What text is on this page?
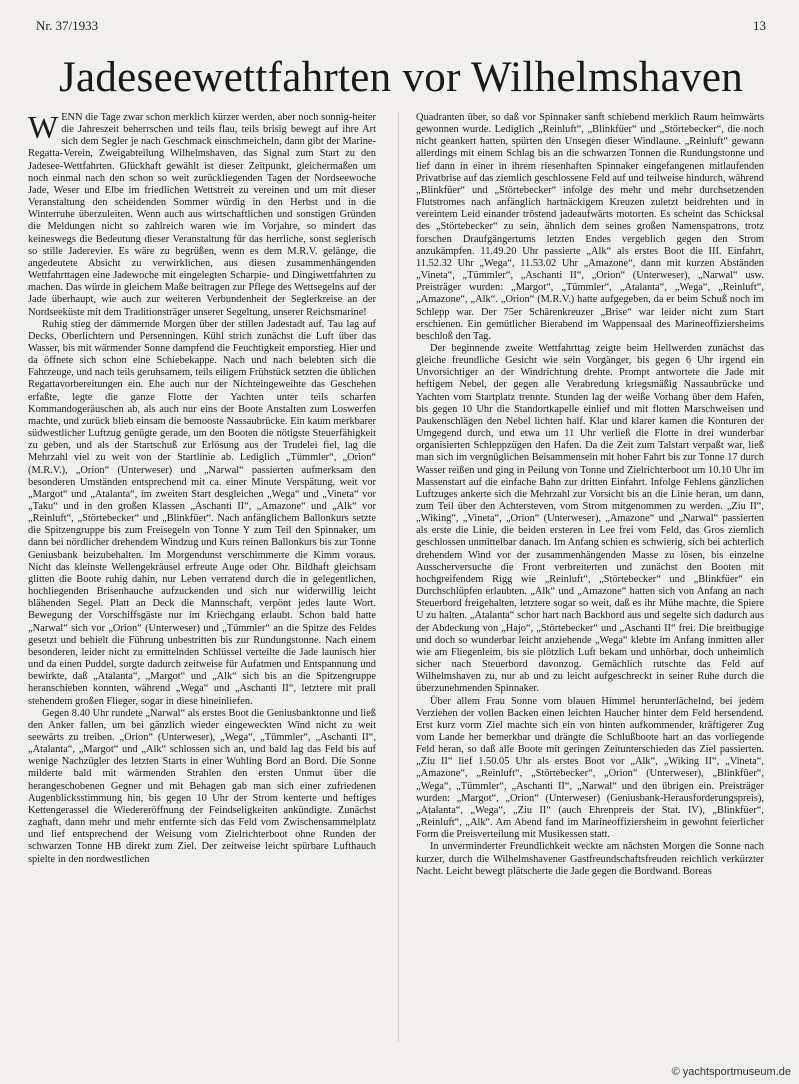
Nr. 37/1933	13
Jadeseewettfahrten vor Wilhelmshaven

WENN die Tage zwar schon merklich kürzer werden, aber noch sonnig-heiter die Jahreszeit beherrschen und teils flau, teils brisig bewegt auf ihre Art sich dem Segler je nach Geschmack einschmeicheln, dann gibt der Marine-Regatta-Verein, Zweigabteilung Wilhelmshaven, das Signal zum Start zu den Jadesee-Wettfahrten. Glückhaft gewählt ist dieser Zeitpunkt, gleichermaßen um noch einmal nach den schon so weit zurückliegenden Tagen der Nordseewoche Jade, Weser und Elbe im friedlichen Wettstreit zu vereinen und um mit dieser Veranstaltung den scheidenden Sommer würdig in den Herbst und in die Winterruhe überzuleiten. Wenn auch aus wirtschaftlichen und sonstigen Gründen die Meldungen nicht so zahlreich waren wie im Vorjahre, so mindert das keineswegs die Bedeutung dieser Veranstaltung für das herrliche, sonst seglerisch so stille Jaderevier. Es wäre zu begrüßen, wenn es dem M.R.V. gelänge, die angedeutete Absicht zu verwirklichen, aus diesen zusammenhängenden Wettfahrttagen eine Jadewoche mit eingelegten Scharpie- und Dingiwettfahrten zu machen. Das würde in gleichem Maße beitragen zur Pflege des Wettsegelns auf der Jade überhaupt, wie auch zur weiteren Verbundenheit der Seglerkreise an der Nordseeküste mit dem Traditionsträger unserer Segeltung, unserer Reichsmarine!

Ruhig stieg der dämmernde Morgen über der stillen Jadestadt auf. Tau lag auf Decks, Oberlichtern und Persenningen. Kühl strich zunächst die Luft über das Wasser, bis mit wärmender Sonne dampfend die Feuchtigkeit emporstieg. Hier und da öffnete sich schon eine Schiebekappe. Nach und nach belebten sich die Fahrzeuge, und nach teils geruhsamem, teils eiligem Frühstück setzten die üblichen Regattavorbereitungen ein. Ehe auch nur der Nichteingeweihte das Geschehen erfaßte, legte die ganze Flotte der Yachten unter teils scharfen Kommandogeräuschen ab, als auch nur eins der Boote Anstalten zum Loswerfen machte, und zurück blieb einsam die bemooste Nassaubrücke. Ein kaum merkbarer südwestlicher Luftzug genügte gerade, um den Booten die nötigste Steuerfähigkeit zu geben, und als der Startschuß zur Erlösung aus der Trudelei fiel, lag die Mehrzahl viel zu weit von der Startlinie ab. Lediglich „Tümmler“, „Orion“ (M.R.V.), „Orion“ (Unterweser) und „Narwal“ passierten aufmerksam den besonderen Umständen entsprechend mit ca. einer Minute Verspätung, weit vor „Margot“ und „Atalanta“, im zweiten Start desgleichen „Wega“ und „Vineta“ vor „Taku“ und in den großen Klassen „Aschanti II“, „Amazone“ und „Alk“ vor „Reinluft“, „Störtebecker“ und „Blinkfüer“. Nach anfänglichem Ballonkurs setzte die Spitzengruppe bis zum Freisegeln von Tonne Y zum Teil den Spinnaker, um dann bei nördlicher drehendem Windzug und Kurs reinen Ballonkurs bis zur Tonne Geniusbank beizubehalten. Im Morgendunst verschimmerte die Kimm voraus. Nicht das kleinste Wellengekräusel erfreute Auge oder Ohr. Bildhaft gleichsam glitten die Boote ruhig dahin, nur Leben verratend durch die in gelegentlichen, hochliegenden Brisenhauche aufzuckenden und sich nur widerwillig leicht blähenden Segel. Platt an Deck die Mannschaft, verpönt jedes laute Wort. Bewegung der Vorschiffsgäste nur im Kriechgang erlaubt. Schon bald hatte „Narwal“ sich vor „Orion“ (Unterweser) und „Tümmler“ an die Spitze des Feldes gesetzt und behielt die Führung unbestritten bis zur Rundungstonne. Nach einem besonderen, leider nicht zu ermittelnden Schlüssel verteilte die Jade launisch hier und da einen Puddel, sorgte dadurch zeitweise für Aufatmen und Entspannung und bewirkte, daß „Atalanta“, „Margot“ und „Alk“ sich bis an die Spitzengruppe heranschieben konnten, während „Wega“ und „Aschanti II“, letztere mit prall stehendem großen Flieger, sogar in diese hineinliefen.

Gegen 8.40 Uhr rundete „Narwal“ als erstes Boot die Geniusbanktonne und ließ den Anker fallen, um bei gänzlich wieder eingeweckten Wind nicht zu weit seewärts zu treiben. „Orion“ (Unterweser), „Wega“, „Tümmler“, „Aschanti II“, „Atalanta“, „Margot“ und „Alk“ schlossen sich an, und bald lag das Feld bis auf wenige Nachzügler des letzten Starts in einer Wuhling Bord an Bord. Die Sonne milderte bald mit wärmenden Strahlen den ersten Unmut über die herangeschobenen Gegner und mit Behagen gab man sich einer zufriedenen Augenblicksstimmung hin, bis gegen 10 Uhr der Strom kenterte und heftiges Kettengerassel die Wiedereröffnung der Feindseligkeiten ankündigte. Zunächst zaghaft, dann mehr und mehr entfernte sich das Feld vom Zwischensammelplatz und lief entsprechend der Weisung vom Zielrichterboot ohne Runden der schwarzen Tonne HB direkt zum Ziel. Der zeitweise leicht spürbare Lufthauch spielte in den nordwestlichen

Quadranten über, so daß vor Spinnaker sanft schiebend merklich Raum heimwärts gewonnen wurde. Lediglich „Reinluft“, „Blinkfüer“ und „Störtebecker“, die noch nicht geankert hatten, spürten den Unsegen dieser Windlaune. „Reinluft“ gewann allerdings mit einem Schlag bis an die schwarzen Tonnen die Rundungstonne und lief dann in einer in ihrem riesenhaften Spinnaker eingefangenen mitlaufenden Privatbrise auf das ziemlich geschlossene Feld auf und teilweise hindurch, während „Blinkfüer“ und „Störtebecker“ infolge des mehr und mehr durchsetzenden Flutstromes nach anfänglich hartnäckigem Kreuzen zuletzt beidrehten und in vereintem Leid einander tröstend jadeaufwärts motorten. Es scheint das Schicksal des „Störtebecker“ zu sein, ähnlich dem seines großen Namenspatrons, trotz forschen Draufgängertums letzten Endes vergeblich gegen den Strom anzukämpfen. 11.49.20 Uhr passierte „Alk“ als erstes Boot die III. Einfahrt, 11.52.32 Uhr „Wega“, 11.53.02 Uhr „Amazone“, dann mit kurzen Abständen „Vineta“, „Tümmler“, „Aschanti II“, „Orion“ (Unterweser), „Narwal“ usw. Preisträger wurden: „Margot“, „Tümmler“, „Atalanta“, „Wega“, „Reinluft“, „Amazone“, „Alk“. „Orion“ (M.R.V.) hatte aufgegeben, da er beim Schuß noch im Schlepp war. Der 75er Schärenkreuzer „Brise“ war leider nicht zum Start erschienen. Ein gemütlicher Bierabend im Wappensaal des Marineoffiziersheims beschloß den Tag.

Der beginnende zweite Wettfahrttag zeigte beim Hellwerden zunächst das gleiche freundliche Gesicht wie sein Vorgänger, bis gegen 6 Uhr irgend ein Unvorsichtiger an der Windrichtung drehte. Prompt antwortete die Jade mit heftigem Nebel, der gegen alle Verabredung kriegsmäßig Nassaubrücke und Yachten vom Startplatz trennte. Stunden lag der weiße Vorhang über dem Hafen, bis gegen 10 Uhr die Standortkapelle einlief und mit flotten Marschweisen und Paukenschlägen den Nebel lichten half. Klar und klarer kamen die Konturen der Umgegend durch, und etwa um 11 Uhr verließ die Flotte in drei wunderbar organisierten Schleppzügen den Hafen. Da die Zeit zum Talstart verpaßt war, ließ man sich im vergnüglichen Beisammensein mit hoher Fahrt bis zur Tonne 17 durch Wasser reißen und ging in Peilung von Tonne und Zielrichterboot um 10.10 Uhr im Massenstart auf die einfache Bahn zur dritten Einfahrt. Infolge Fehlens gänzlichen Luftzuges ankerte sich die Mehrzahl zur Vorsicht bis an die Linie heran, um dann, zum Teil über den Achtersteven, vom Strom mitgenommen zu werden. „Ziu II“, „Wiking“, „Vineta“, „Orion“ (Unterweser), „Amazone“ und „Narwal“ passierten als erste die Linie, die beiden ersteren in Lee frei vom Feld, das Gros ziemlich geschlossen unmittelbar danach. Im Anfang schien es schwierig, sich bei achterlich drehendem Wind vor der zusammenhängenden Masse zu lösen, bis einzelne Ausscherversuche die Front verbreiterten und zunächst den Booten mit hochgreifendem Rigg wie „Reinluft“, „Störtebecker“ und „Blinkfüer“ ein Durchschlüpfen erlaubten. „Alk“ und „Amazone“ hatten sich von Anfang an nach Steuerbord freigehalten, letztere sogar so weit, daß es ihr Mühe machte, die Spiere U zu halten. „Atalanta“ schor hart nach Backbord aus und segelte sich dadurch aus der Abdeckung von „Hajo“, „Störtebecker“ und „Aschanti II“ frei. Die breitbugige und doch so wunderbar leicht anziehende „Wega“ klebte im Anfang inmitten aller wie am Fliegenleim, bis sie plötzlich Luft bekam und unhörbar, doch unheimlich sicher nach Steuerbord davonzog. Gemächlich rutschte das Feld auf Wilhelmshaven zu, nur ab und zu leicht aufgeschreckt in seiner Ruhe durch die überzunehmenden Spinnaker.

Über allem Frau Sonne vom blauen Himmel herunterlächelnd, bei jedem Verziehen der vollen Backen einen leichten Haucher hinter dem Feld hersendend. Erst kurz vorm Ziel machte sich ein von hinten aufkommender, kräftigerer Zug vom Lande her bemerkbar und drängte die Schlußboote hart an das vorliegende Feld heran, so daß alle Boote mit geringen Zeitunterschieden das Ziel passierten. „Ziu II“ lief 1.50.05 Uhr als erstes Boot vor „Alk“, „Wiking II“, „Vineta“, „Amazone“, „Reinluft“, „Störtebecker“, „Orion“ (Unterweser), „Blinkfüer“, „Wega“, „Tümmler“, „Aschanti II“, „Narwal“ und den übrigen ein. Preisträger wurden: „Margot“, „Orion“ (Unterweser) (Geniusbank-Herausforderungspreis), „Atalanta“, „Wega“, „Ziu II“ (auch Ehrenpreis der Stat. IV), „Blinkfüer“, „Reinluft“, „Alk“. Am Abend fand im Marineoffiziersheim in gewohnt feierlicher Form die Preisverteilung mit Musikessen statt.

In unverminderter Freundlichkeit weckte am nächsten Morgen die Sonne nach kurzer, durch die Wilhelmshavener Gastfreundschaftsfreuden reichlich verkürzter Nacht. Leicht bewegt plätscherte die Jade gegen die Bordwand. Boreas

© yachtsportmuseum.de
